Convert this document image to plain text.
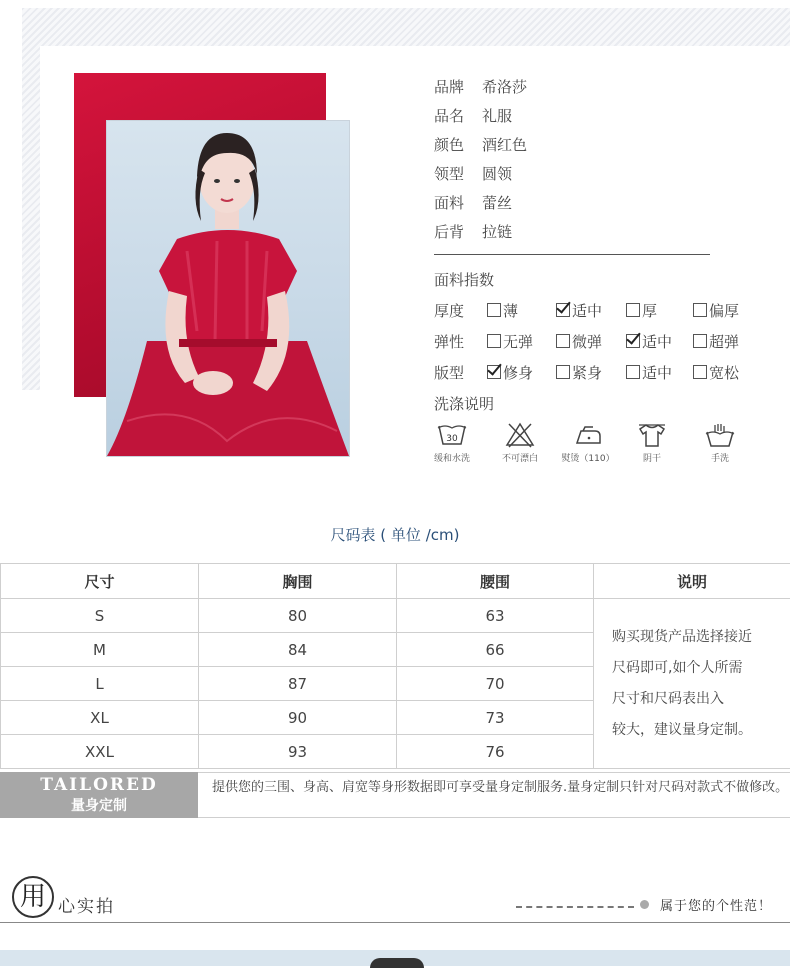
品牌 希洛莎
品名 礼服
颜色 酒红色
领型 圆领
面料 蕾丝
后背 拉链
面料指数
厚度	薄	适中	厚	偏厚
弹性	无弹	微弹	适中	超弹
版型	修身	紧身	适中	宽松
洗涤说明
30
缓和水洗	不可漂白	熨烫（110）	阴干	手洗
尺码表 ( 单位 /cm)
尺寸	胸围	腰围	说明
S	80	63	购买现货产品选择接近
尺码即可,如个人所需
尺寸和尺码表出入
较大，建议量身定制。

M	84	66	
L	87	70	
XL	90	73	
XXL	93	76	
TAILORED
量身定制
提供您的三围、身高、肩宽等身形数据即可享受量身定制服务.量身定制只针对尺码对款式不做修改。
用 心实拍	属于您的个性范！
